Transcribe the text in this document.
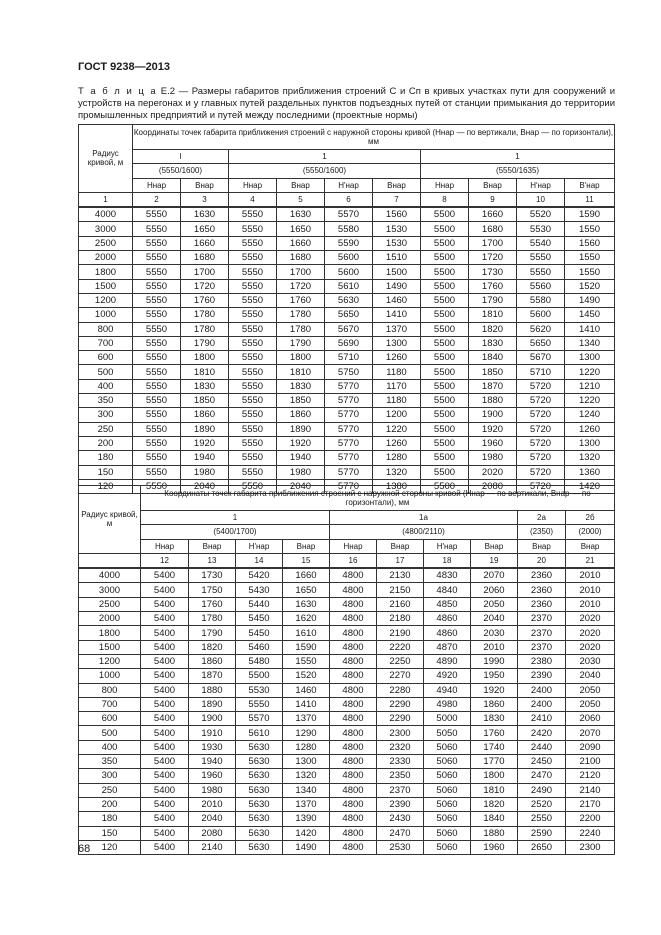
ГОСТ 9238—2013
Т а б л и ц а Е.2 — Размеры габаритов приближения строений С и Сп в кривых участках пути для сооружений и устройств на перегонах и у главных путей раздельных пунктов подъездных путей от станции примыкания до территории промышленных предприятий и путей между последними (проектные нормы)
Радиус кривой, м	Координаты точек габарита приближения строений с наружной стороны кривой (Ннар — по вертикали, Внар — по горизонтали), мм									
	I		1				1			
	(5550/1600)		(5550/1600)				(5550/1635)			
	Ннар	Внар	Ннар	Внар	Н'нар	Внар	Ннар	Внар	Нʹнар	В'нар
1	2	3	4	5	6	7	8	9	10	11
4000	5550	1630	5550	1630	5570	1560	5500	1660	5520	1590
3000	5550	1650	5550	1650	5580	1530	5500	1680	5530	1550
2500	5550	1660	5550	1660	5590	1530	5500	1700	5540	1560
2000	5550	1680	5550	1680	5600	1510	5500	1720	5550	1550
1800	5550	1700	5550	1700	5600	1500	5500	1730	5550	1550
1500	5550	1720	5550	1720	5610	1490	5500	1760	5560	1520
1200	5550	1760	5550	1760	5630	1460	5500	1790	5580	1490
1000	5550	1780	5550	1780	5650	1410	5500	1810	5600	1450
800	5550	1780	5550	1780	5670	1370	5500	1820	5620	1410
700	5550	1790	5550	1790	5690	1300	5500	1830	5650	1340
600	5550	1800	5550	1800	5710	1260	5500	1840	5670	1300
500	5550	1810	5550	1810	5750	1180	5500	1850	5710	1220
400	5550	1830	5550	1830	5770	1170	5500	1870	5720	1210
350	5550	1850	5550	1850	5770	1180	5500	1880	5720	1220
300	5550	1860	5550	1860	5770	1200	5500	1900	5720	1240
250	5550	1890	5550	1890	5770	1220	5500	1920	5720	1260
200	5550	1920	5550	1920	5770	1260	5500	1960	5720	1300
180	5550	1940	5550	1940	5770	1280	5500	1980	5720	1320
150	5550	1980	5550	1980	5770	1320	5500	2020	5720	1360
120	5550	2040	5550	2040	5770	1380	5500	2080	5720	1420
Радиус кривой, м	Координаты точек габарита приближения строений с наружной стороны кривой (Ннар — по вертикали, Внар — по горизонтали), мм									
	1				1а				2а	2б
	(5400/1700)				(4800/2110)				(2350)	(2000)
	Ннар	Внар	Н'нар	Внар	Ннар	Внар	Н'нар	Внар	Внар	Внар
	12	13	14	15	16	17	18	19	20	21
4000	5400	1730	5420	1660	4800	2130	4830	2070	2360	2010
3000	5400	1750	5430	1650	4800	2150	4840	2060	2360	2010
2500	5400	1760	5440	1630	4800	2160	4850	2050	2360	2010
2000	5400	1780	5450	1620	4800	2180	4860	2040	2370	2020
1800	5400	1790	5450	1610	4800	2190	4860	2030	2370	2020
1500	5400	1820	5460	1590	4800	2220	4870	2010	2370	2020
1200	5400	1860	5480	1550	4800	2250	4890	1990	2380	2030
1000	5400	1870	5500	1520	4800	2270	4920	1950	2390	2040
800	5400	1880	5530	1460	4800	2280	4940	1920	2400	2050
700	5400	1890	5550	1410	4800	2290	4980	1860	2400	2050
600	5400	1900	5570	1370	4800	2290	5000	1830	2410	2060
500	5400	1910	5610	1290	4800	2300	5050	1760	2420	2070
400	5400	1930	5630	1280	4800	2320	5060	1740	2440	2090
350	5400	1940	5630	1300	4800	2330	5060	1770	2450	2100
300	5400	1960	5630	1320	4800	2350	5060	1800	2470	2120
250	5400	1980	5630	1340	4800	2370	5060	1810	2490	2140
200	5400	2010	5630	1370	4800	2390	5060	1820	2520	2170
180	5400	2040	5630	1390	4800	2430	5060	1840	2550	2200
150	5400	2080	5630	1420	4800	2470	5060	1880	2590	2240
120	5400	2140	5630	1490	4800	2530	5060	1960	2650	2300
68
